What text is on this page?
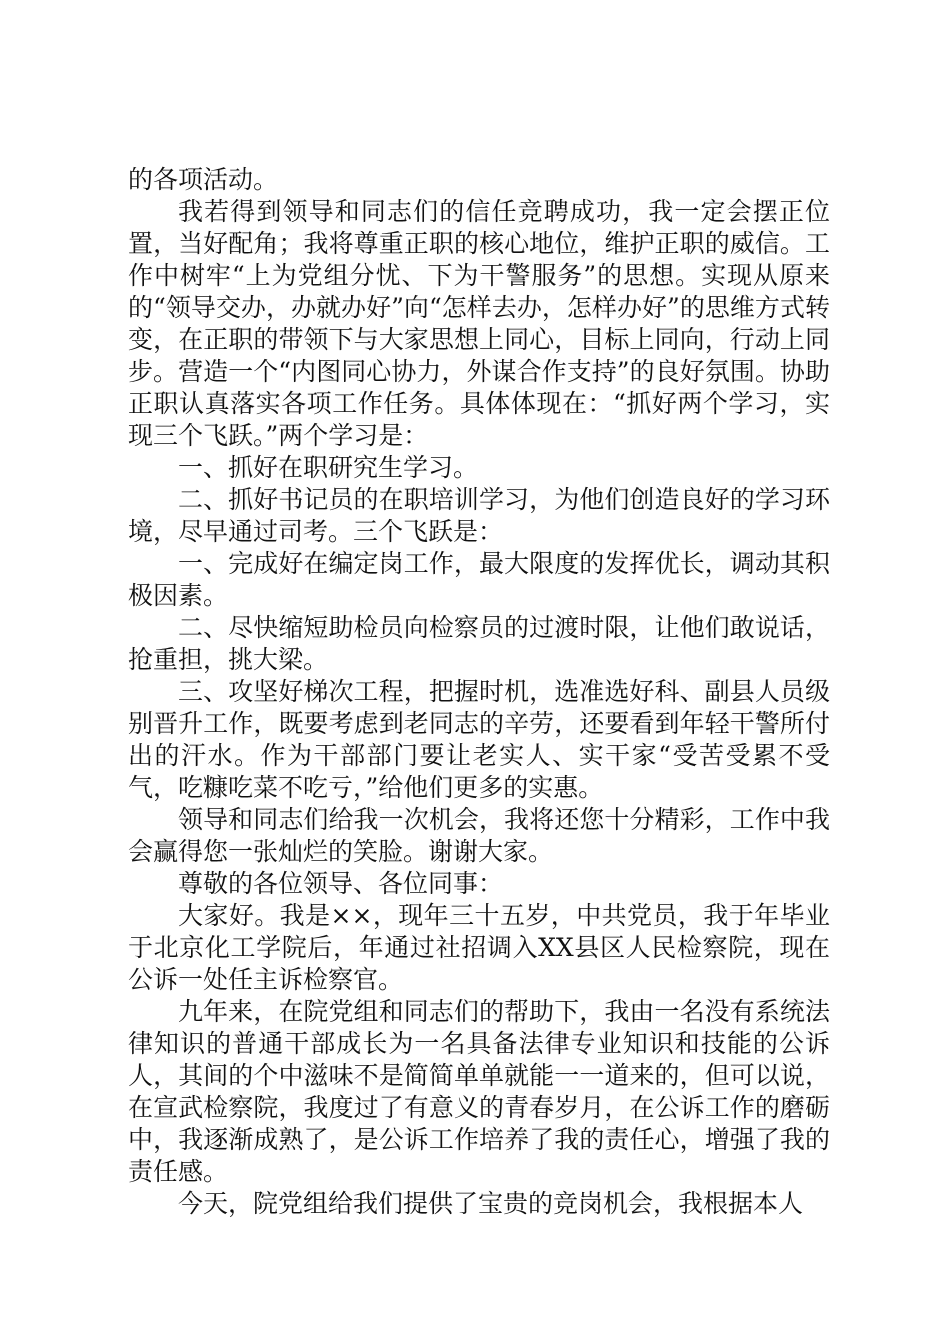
的各项活动。

我若得到领导和同志们的信任竞聘成功，我一定会摆正位置，当好配角；我将尊重正职的核心地位，维护正职的威信。工作中树牢“上为党组分忧、下为干警服务”的思想。实现从原来的“领导交办，办就办好”向“怎样去办，怎样办好”的思维方式转变，在正职的带领下与大家思想上同心，目标上同向，行动上同步。营造一个“内图同心协力，外谋合作支持”的良好氛围。协助正职认真落实各项工作任务。具体体现在：“抓好两个学习，实现三个飞跃。”两个学习是：

一、抓好在职研究生学习。

二、抓好书记员的在职培训学习，为他们创造良好的学习环境，尽早通过司考。三个飞跃是：

一、完成好在编定岗工作，最大限度的发挥优长，调动其积极因素。

二、尽快缩短助检员向检察员的过渡时限，让他们敢说话，抢重担，挑大梁。

三、攻坚好梯次工程，把握时机，选准选好科、副县人员级别晋升工作，既要考虑到老同志的辛劳，还要看到年轻干警所付出的汗水。作为干部部门要让老实人、实干家“受苦受累不受气，吃糠吃菜不吃亏，”给他们更多的实惠。

领导和同志们给我一次机会，我将还您十分精彩，工作中我会赢得您一张灿烂的笑脸。谢谢大家。

尊敬的各位领导、各位同事：

大家好。我是××，现年三十五岁，中共党员，我于年毕业于北京化工学院后，年通过社招调入XX县区人民检察院，现在公诉一处任主诉检察官。

九年来，在院党组和同志们的帮助下，我由一名没有系统法律知识的普通干部成长为一名具备法律专业知识和技能的公诉人，其间的个中滋味不是简简单单就能一一道来的，但可以说，在宣武检察院，我度过了有意义的青春岁月，在公诉工作的磨砺中，我逐渐成熟了，是公诉工作培养了我的责任心，增强了我的责任感。

今天，院党组给我们提供了宝贵的竞岗机会，我根据本人
